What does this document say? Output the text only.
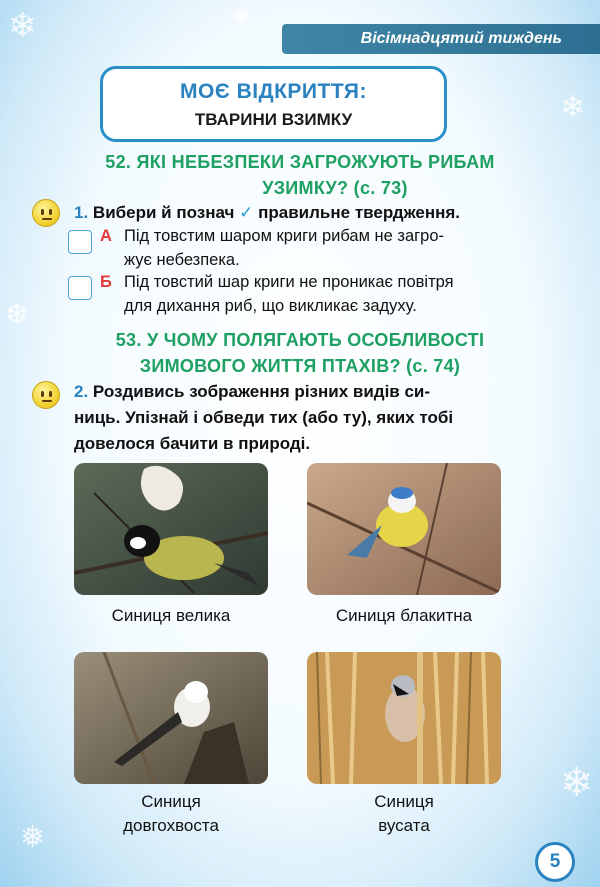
❄	❅
❄
❆
❄
❅
Вісімнадцятий тиждень
МОЄ ВІДКРИТТЯ:
ТВАРИНИ ВЗИМКУ
52. ЯКІ НЕБЕЗПЕКИ ЗАГРОЖУЮТЬ РИБАМ
УЗИМКУ? (с. 73)
1. Вибери й познач ✓ правильне твердження.
А Під товстим шаром криги рибам не загро-
жує небезпека.
Б Під товстий шар криги не проникає повітря
для дихання риб, що викликає задуху.
53. У ЧОМУ ПОЛЯГАЮТЬ ОСОБЛИВОСТІ
ЗИМОВОГО ЖИТТЯ ПТАХІВ? (с. 74)
2. Роздивись зображення різних видів си-
ниць. Упізнай і обведи тих (або ту), яких тобі
довелося бачити в природі.
Синиця велика	Синиця блакитна
Синиця
довгохвоста
Синиця
вусата
5
